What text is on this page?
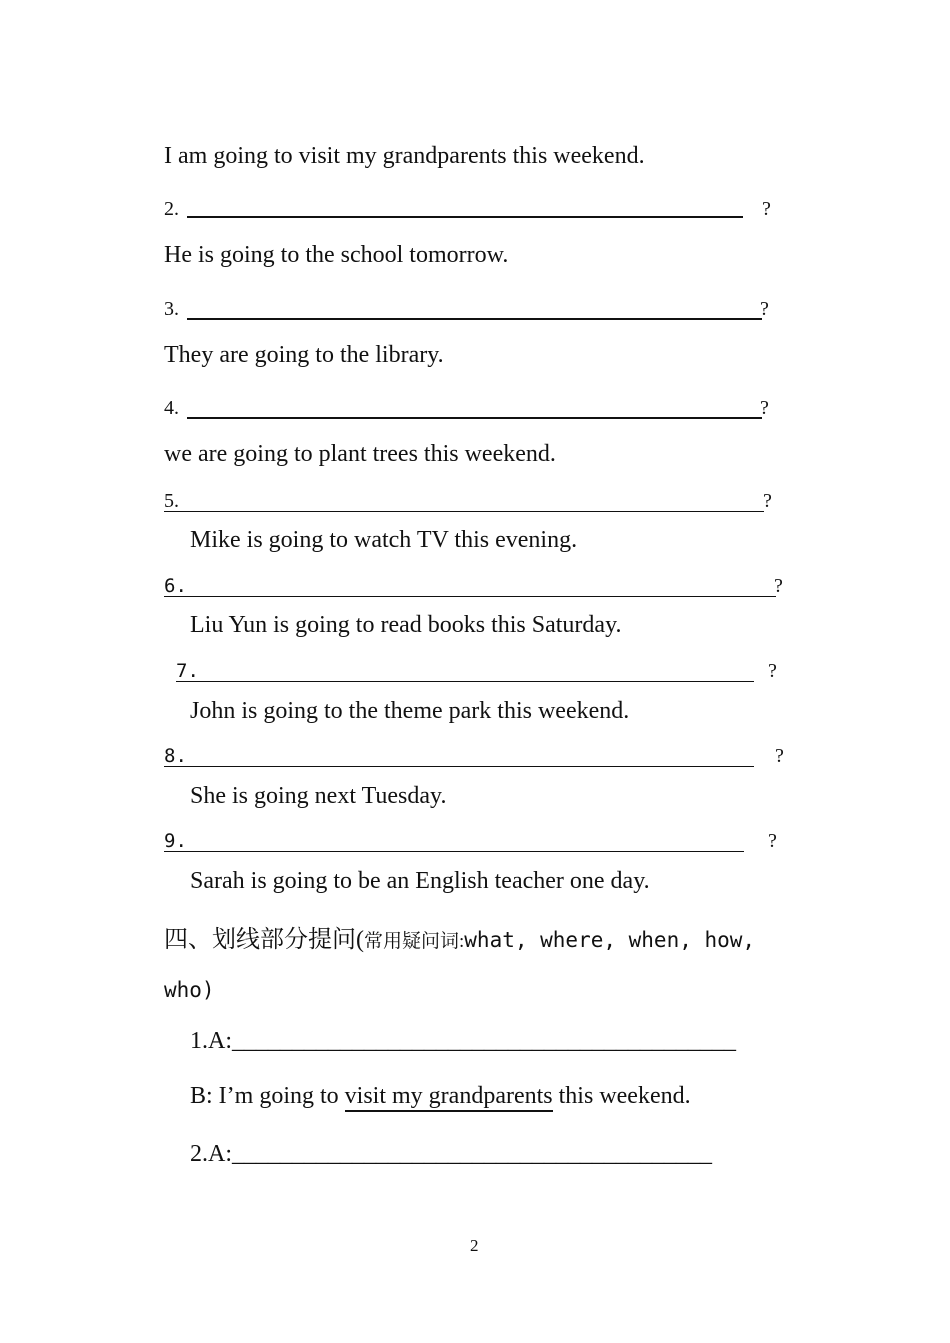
I am going to visit my grandparents this weekend.
2.	?
He is going to the school tomorrow.
3.	?
They are going to the library.
4.	?
we are going to plant trees this weekend.
5.	?
Mike is going to watch TV this evening.
6.	?
Liu Yun is going to read books this Saturday.
7.	?
John is going to the theme park this weekend.
8.	?
She is going next Tuesday.
9.	?
Sarah is going to be an English teacher one day.
四、划线部分提问(常用疑问词:what, where, when, how,
who)
1.A:__________________________________________
B: I’m going to visit my grandparents this weekend.
2.A:________________________________________
2
